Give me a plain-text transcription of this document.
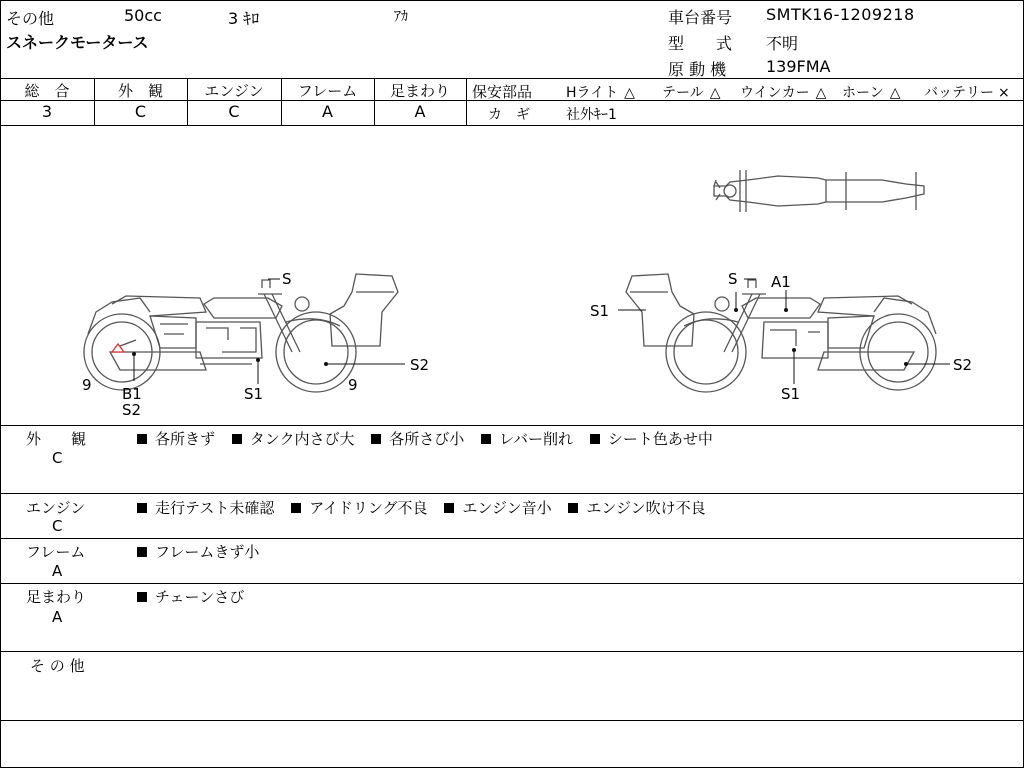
その他	50cc	3 ｷﾛ	ｱｶ
スネークモータース
車台番号 SMTK16-1209218
型　　式 不明
原 動 機 139FMA
総　合	外　観	エンジン	フレーム	足まわり
3	C	C	A	A
保安部品 Hライト △ テール △ ウインカー △ ホーン △ バッテリー ×
カ　ギ	社外ｷｰ1
S
S2
9	9
B1
S2
S1
S A1
S1
S2
S1
外　　観
C
各所きず タンク内さび大 各所さび小 レバー削れ シート色あせ中
エンジン
C
走行テスト未確認 アイドリング不良 エンジン音小 エンジン吹け不良
フレーム
A
フレームきず小
足まわり
A
チェーンさび
そ の 他
